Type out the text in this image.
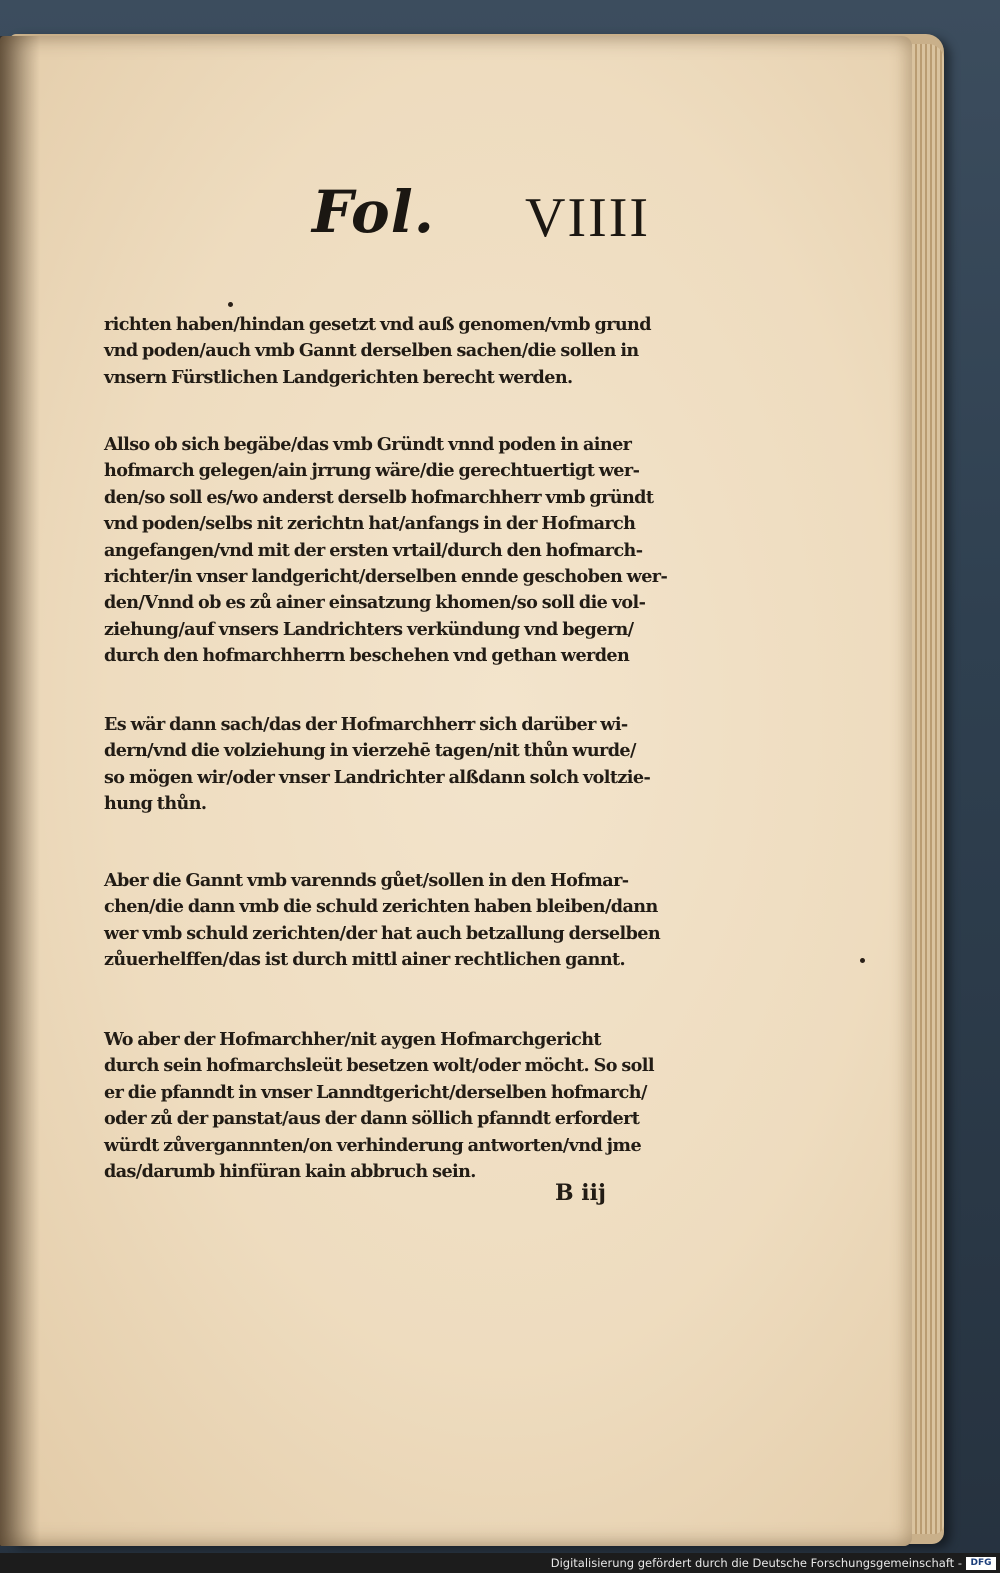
Fol. VIIII
richten haben/hindan gesetzt vnd auß genomen/vmb grund
vnd poden/auch vmb Gannt derselben sachen/die sollen in
vnsern Fürstlichen Landgerichten berecht werden.
Allso ob sich begäbe/das vmb Gründt vnnd poden in ainer
hofmarch gelegen/ain jrrung wäre/die gerechtuertigt wer-
den/so soll es/wo anderst derselb hofmarchherr vmb gründt
vnd poden/selbs nit zerichtn hat/anfangs in der Hofmarch
angefangen/vnd mit der ersten vrtail/durch den hofmarch-
richter/in vnser landgericht/derselben ennde geschoben wer-
den/Vnnd ob es zů ainer einsatzung khomen/so soll die vol-
ziehung/auf vnsers Landrichters verkündung vnd begern/
durch den hofmarchherrn beschehen vnd gethan werden
Es wär dann sach/das der Hofmarchherr sich darüber wi-
dern/vnd die volziehung in vierzehē tagen/nit thůn wurde/
so mögen wir/oder vnser Landrichter alßdann solch voltzie-
hung thůn.
Aber die Gannt vmb varennds gůet/sollen in den Hofmar-
chen/die dann vmb die schuld zerichten haben bleiben/dann
wer vmb schuld zerichten/der hat auch betzallung derselben
zůuerhelffen/das ist durch mittl ainer rechtlichen gannt.
Wo aber der Hofmarchher/nit aygen Hofmarchgericht
durch sein hofmarchsleüt besetzen wolt/oder möcht. So soll
er die pfanndt in vnser Lanndtgericht/derselben hofmarch/
oder zů der panstat/aus der dann söllich pfanndt erfordert
würdt zůvergannnten/on verhinderung antworten/vnd jme
das/darumb hinfüran kain abbruch sein.
B iij
Digitalisierung gefördert durch die Deutsche Forschungsgemeinschaft - DFG
